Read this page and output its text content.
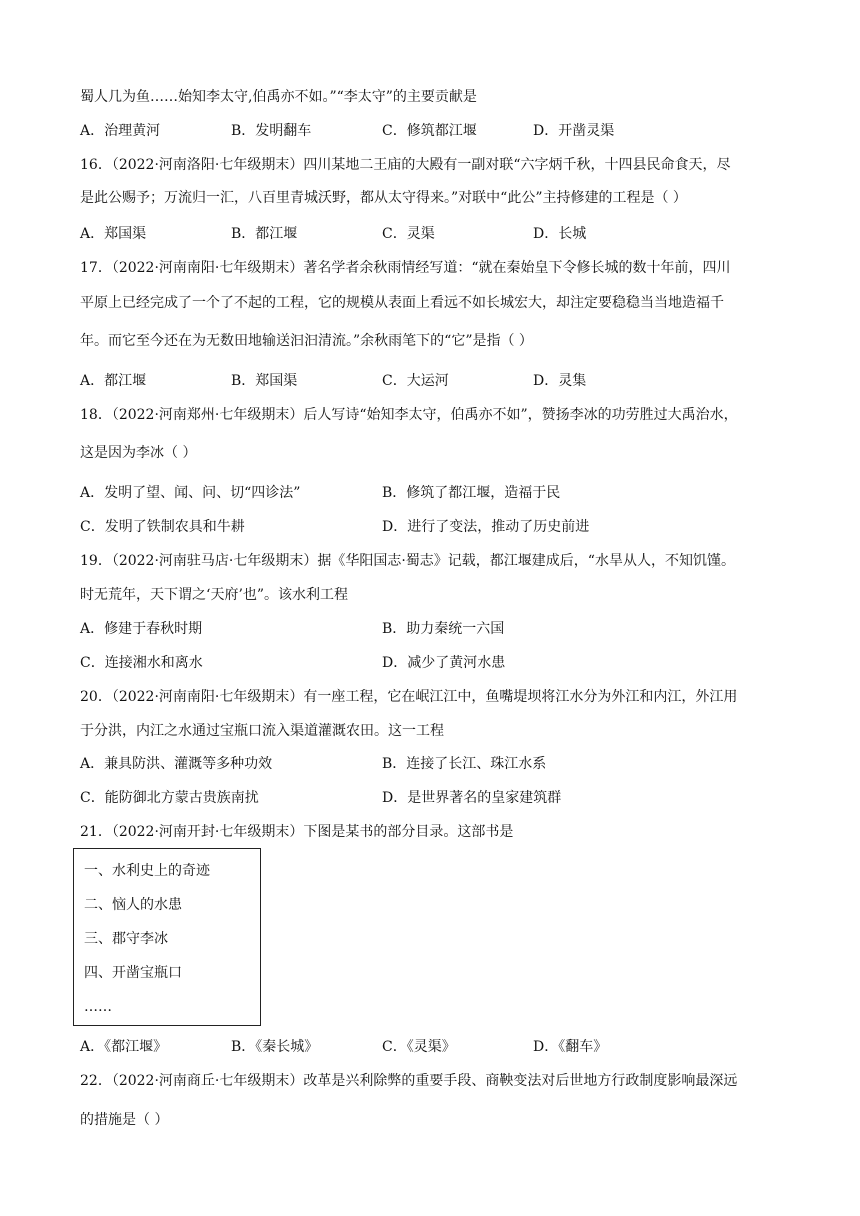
蜀人几为鱼……始知李太守,伯禹亦不如。”“李太守”的主要贡献是
A．治理黄河	B．发明翻车	C．修筑都江堰	D．开凿灵渠
16．（2022·河南洛阳·七年级期末）四川某地二王庙的大殿有一副对联“六字炳千秋，十四县民命食天，尽
是此公赐予；万流归一汇，八百里青城沃野，都从太守得来。”对联中“此公”主持修建的工程是（ ）
A．郑国渠	B．都江堰	C．灵渠	D．长城
17．（2022·河南南阳·七年级期末）著名学者余秋雨情经写道：“就在秦始皇下令修长城的数十年前，四川
平原上已经完成了一个了不起的工程，它的规模从表面上看远不如长城宏大，却注定要稳稳当当地造福千
年。而它至今还在为无数田地输送汩汩清流。”余秋雨笔下的“它”是指（ ）
A．都江堰	B．郑国渠	C．大运河	D．灵集
18．（2022·河南郑州·七年级期末）后人写诗“始知李太守，伯禹亦不如”，赞扬李冰的功劳胜过大禹治水，
这是因为李冰（ ）
A．发明了望、闻、问、切“四诊法”	B．修筑了都江堰，造福于民
C．发明了铁制农具和牛耕	D．进行了变法，推动了历史前进
19．（2022·河南驻马店·七年级期末）据《华阳国志·蜀志》记载，都江堰建成后，“水旱从人，不知饥馑。
时无荒年，天下谓之‘天府’也”。该水利工程
A．修建于春秋时期	B．助力秦统一六国
C．连接湘水和离水	D．减少了黄河水患
20．（2022·河南南阳·七年级期末）有一座工程，它在岷江江中，鱼嘴堤坝将江水分为外江和内江，外江用
于分洪，内江之水通过宝瓶口流入渠道灌溉农田。这一工程
A．兼具防洪、灌溉等多种功效	B．连接了长江、珠江水系
C．能防御北方蒙古贵族南扰	D．是世界著名的皇家建筑群
21．（2022·河南开封·七年级期末）下图是某书的部分目录。这部书是
一、水利史上的奇迹
二、恼人的水患
三、郡守李冰
四、开凿宝瓶口
……
A．《都江堰》	B．《秦长城》	C．《灵渠》	D．《翻车》
22．（2022·河南商丘·七年级期末）改革是兴利除弊的重要手段、商鞅变法对后世地方行政制度影响最深远
的措施是（ ）
